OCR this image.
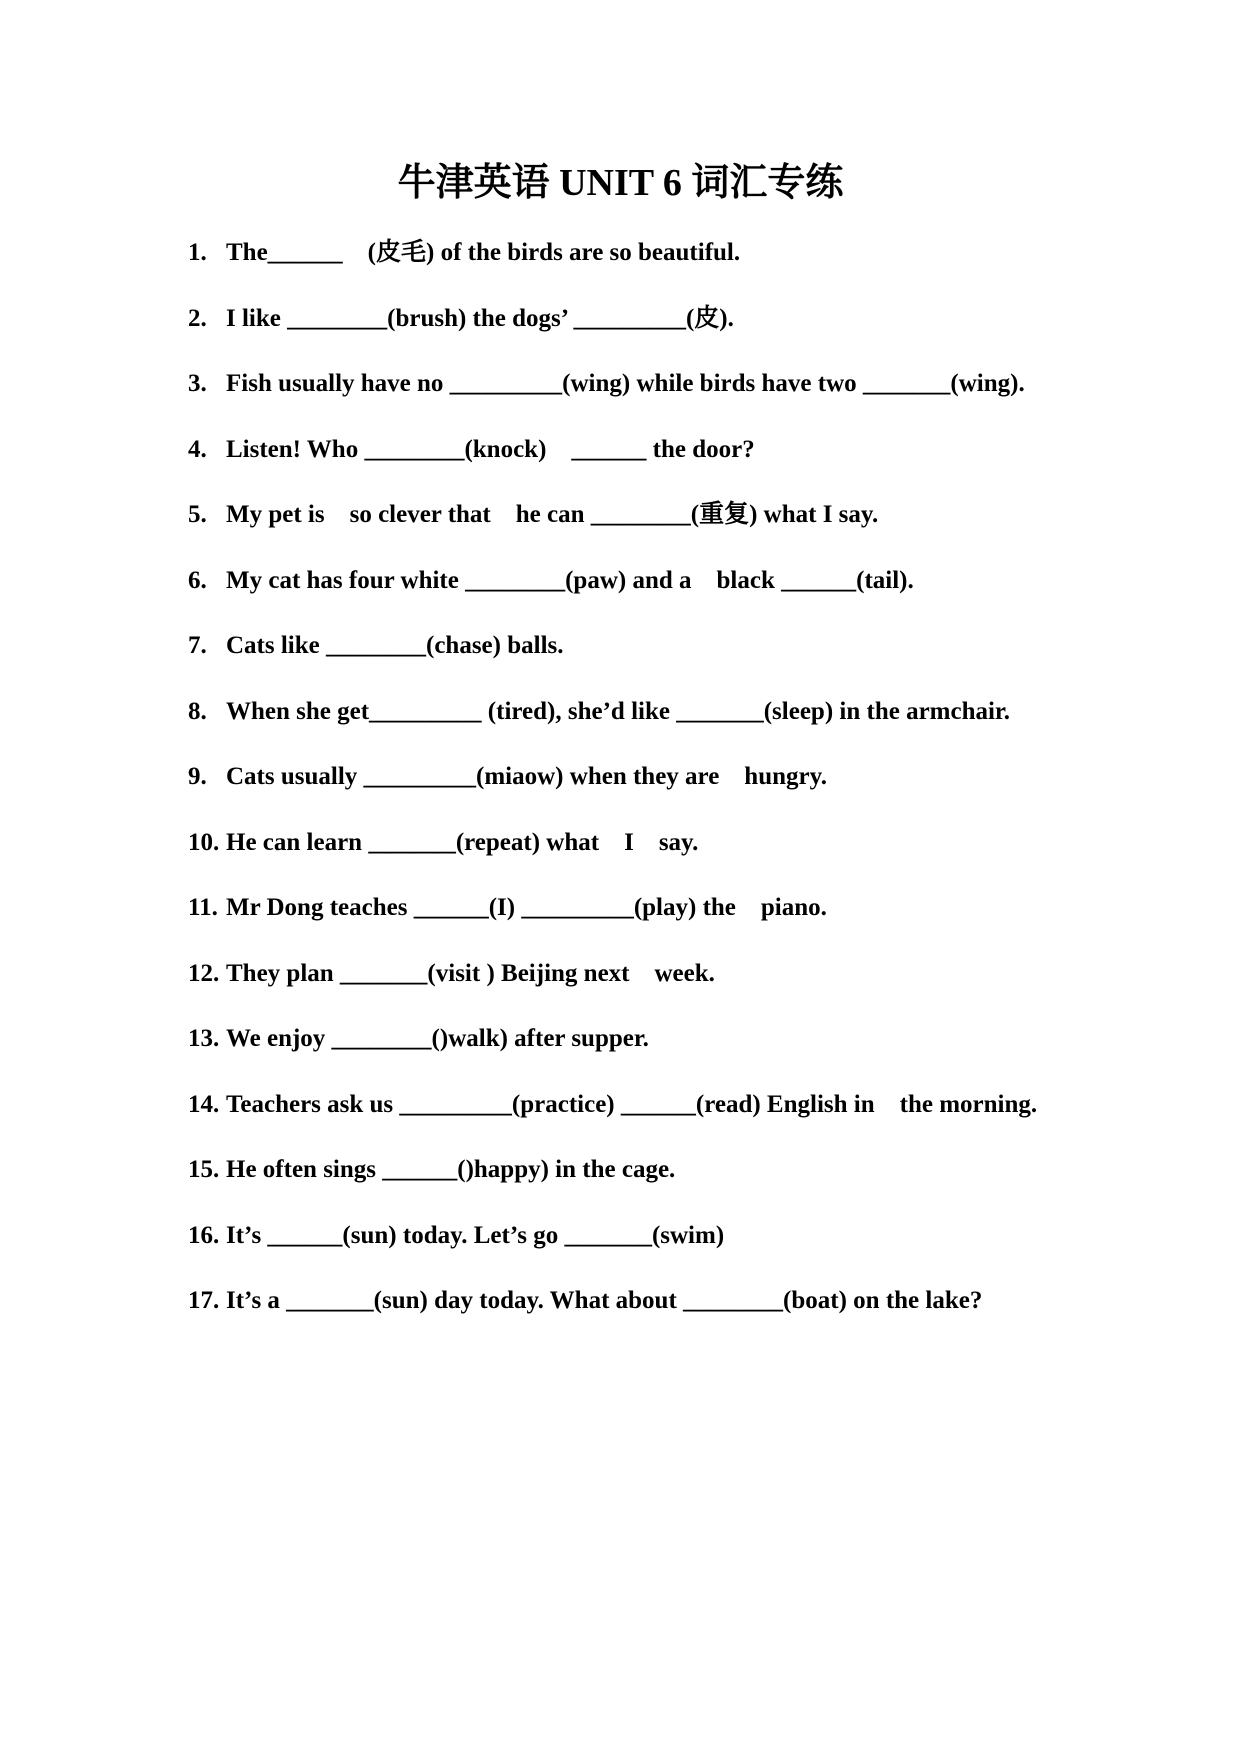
牛津英语 UNIT 6 词汇专练
1. The______    (皮毛) of the birds are so beautiful.
2. I like ________(brush) the dogs’ _________(皮).
3. Fish usually have no _________(wing) while birds have two _______(wing).
4. Listen! Who ________(knock)    ______ the door?
5. My pet is    so clever that    he can ________(重复) what I say.
6. My cat has four white ________(paw) and a    black ______(tail).
7. Cats like ________(chase) balls.
8. When she get_________ (tired), she’d like _______(sleep) in the armchair.
9. Cats usually _________(miaow) when they are    hungry.
10. He can learn _______(repeat) what    I    say.
11. Mr Dong teaches ______(I) _________(play) the    piano.
12. They plan _______(visit ) Beijing next    week.
13. We enjoy ________()walk) after supper.
14. Teachers ask us _________(practice) ______(read) English in    the morning.
15. He often sings ______()happy) in the cage.
16. It’s ______(sun) today. Let’s go _______(swim)
17. It’s a _______(sun) day today. What about ________(boat) on the lake?
